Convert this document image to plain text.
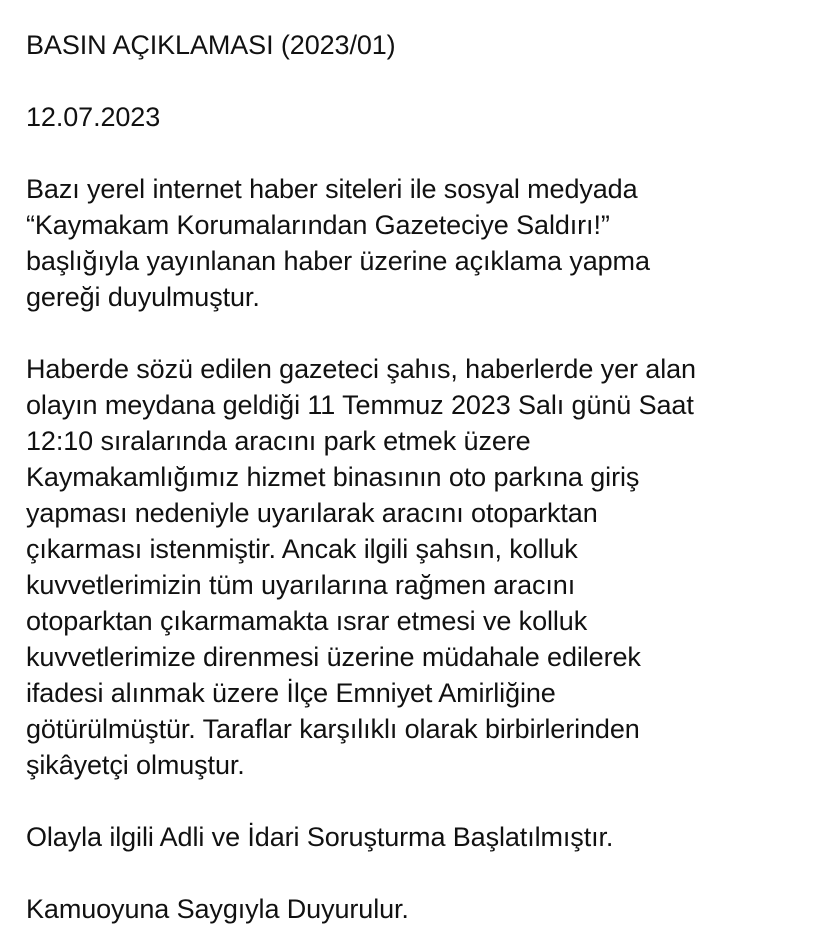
BASIN AÇIKLAMASI (2023/01)
12.07.2023
Bazı yerel internet haber siteleri ile sosyal medyada
“Kaymakam Korumalarından Gazeteciye Saldırı!”
başlığıyla yayınlanan haber üzerine açıklama yapma
gereği duyulmuştur.
Haberde sözü edilen gazeteci şahıs, haberlerde yer alan
olayın meydana geldiği 11 Temmuz 2023 Salı günü Saat
12:10 sıralarında aracını park etmek üzere
Kaymakamlığımız hizmet binasının oto parkına giriş
yapması nedeniyle uyarılarak aracını otoparktan
çıkarması istenmiştir. Ancak ilgili şahsın, kolluk
kuvvetlerimizin tüm uyarılarına rağmen aracını
otoparktan çıkarmamakta ısrar etmesi ve kolluk
kuvvetlerimize direnmesi üzerine müdahale edilerek
ifadesi alınmak üzere İlçe Emniyet Amirliğine
götürülmüştür. Taraflar karşılıklı olarak birbirlerinden
şikâyetçi olmuştur.
Olayla ilgili Adli ve İdari Soruşturma Başlatılmıştır.
Kamuoyuna Saygıyla Duyurulur.
